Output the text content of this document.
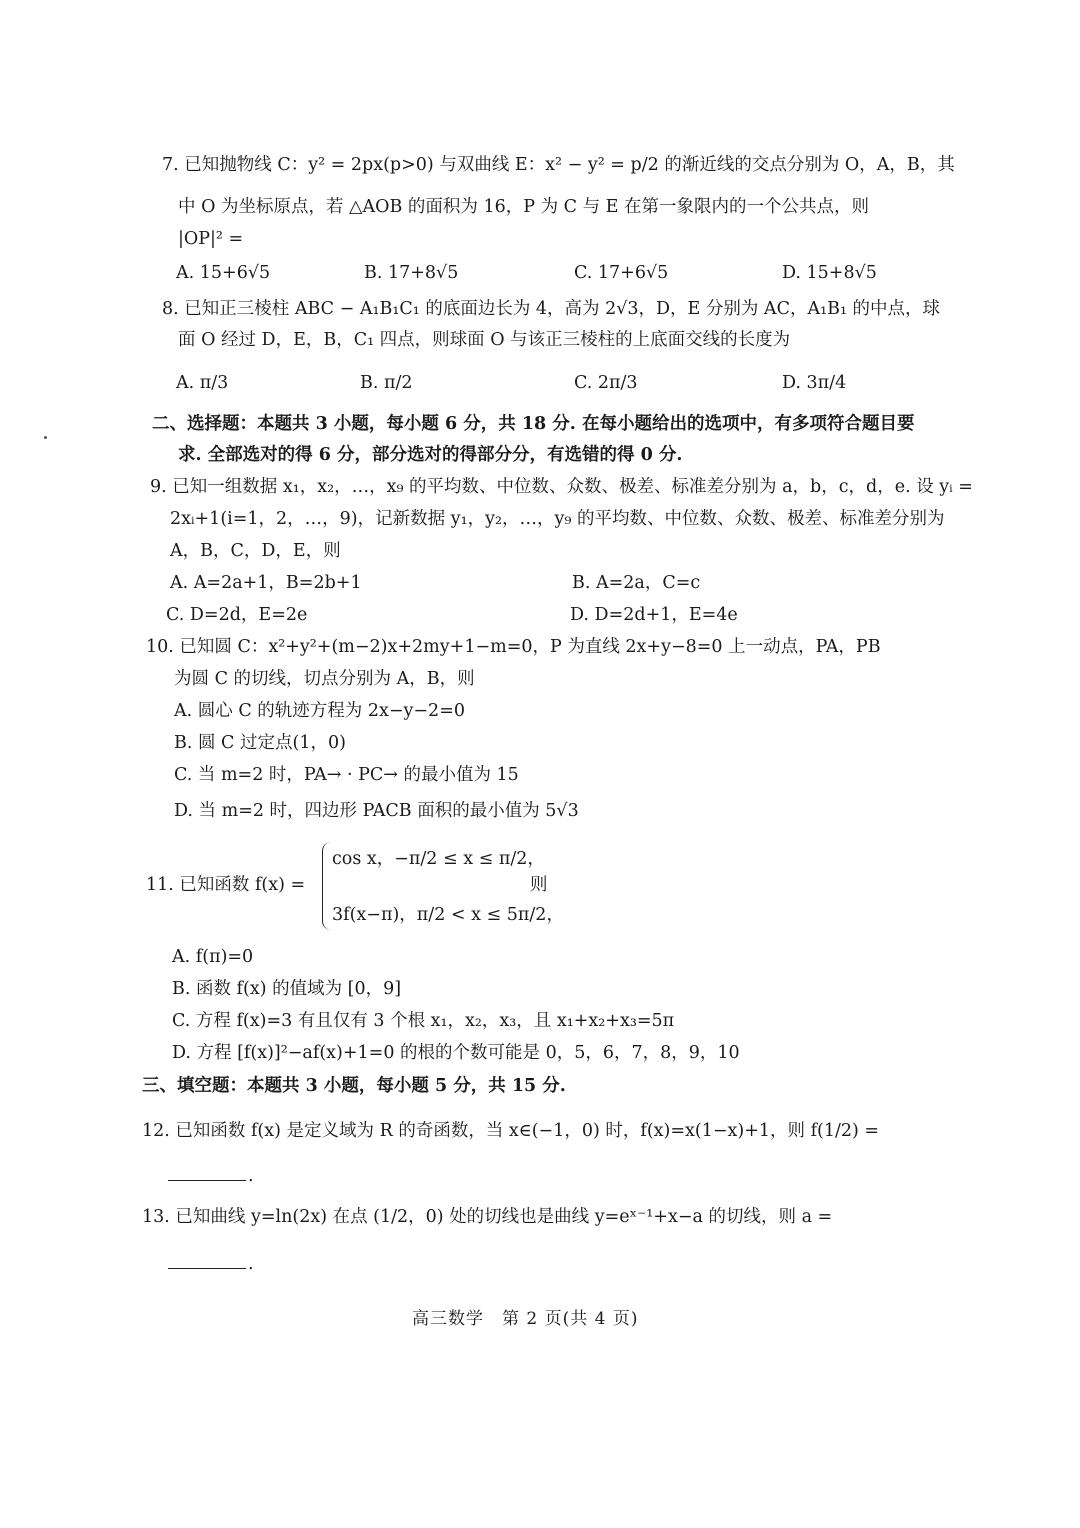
7. 已知抛物线 C：y² = 2px(p>0) 与双曲线 E：x² − y² = p/2 的渐近线的交点分别为 O，A，B，其
中 O 为坐标原点，若 △AOB 的面积为 16，P 为 C 与 E 在第一象限内的一个公共点，则
|OP|² =
A. 15+6√5	B. 17+8√5	C. 17+6√5	D. 15+8√5
8. 已知正三棱柱 ABC − A₁B₁C₁ 的底面边长为 4，高为 2√3，D，E 分别为 AC，A₁B₁ 的中点，球
面 O 经过 D，E，B，C₁ 四点，则球面 O 与该正三棱柱的上底面交线的长度为
A. π/3	B. π/2	C. 2π/3	D. 3π/4
二、选择题：本题共 3 小题，每小题 6 分，共 18 分. 在每小题给出的选项中，有多项符合题目要
求. 全部选对的得 6 分，部分选对的得部分分，有选错的得 0 分.
9. 已知一组数据 x₁，x₂，…，x₉ 的平均数、中位数、众数、极差、标准差分别为 a，b，c，d，e. 设 yᵢ =
2xᵢ+1(i=1，2，…，9)，记新数据 y₁，y₂，…，y₉ 的平均数、中位数、众数、极差、标准差分别为
A，B，C，D，E，则
A. A=2a+1，B=2b+1	B. A=2a，C=c
C. D=2d，E=2e	D. D=2d+1，E=4e
10. 已知圆 C：x²+y²+(m−2)x+2my+1−m=0，P 为直线 2x+y−8=0 上一动点，PA，PB
为圆 C 的切线，切点分别为 A，B，则
A. 圆心 C 的轨迹方程为 2x−y−2=0
B. 圆 C 过定点(1，0)
C. 当 m=2 时，PA→ · PC→ 的最小值为 15
D. 当 m=2 时，四边形 PACB 面积的最小值为 5√3
11. 已知函数 f(x) =
cos x，−π/2 ≤ x ≤ π/2，
3f(x−π)，π/2 < x ≤ 5π/2，
则
A. f(π)=0
B. 函数 f(x) 的值域为 [0，9]
C. 方程 f(x)=3 有且仅有 3 个根 x₁，x₂，x₃，且 x₁+x₂+x₃=5π
D. 方程 [f(x)]²−af(x)+1=0 的根的个数可能是 0，5，6，7，8，9，10
三、填空题：本题共 3 小题，每小题 5 分，共 15 分.
12. 已知函数 f(x) 是定义域为 R 的奇函数，当 x∈(−1，0) 时，f(x)=x(1−x)+1，则 f(1/2) =
.
13. 已知曲线 y=ln(2x) 在点 (1/2，0) 处的切线也是曲线 y=eˣ⁻¹+x−a 的切线，则 a =
.
高三数学　第 2 页(共 4 页)
